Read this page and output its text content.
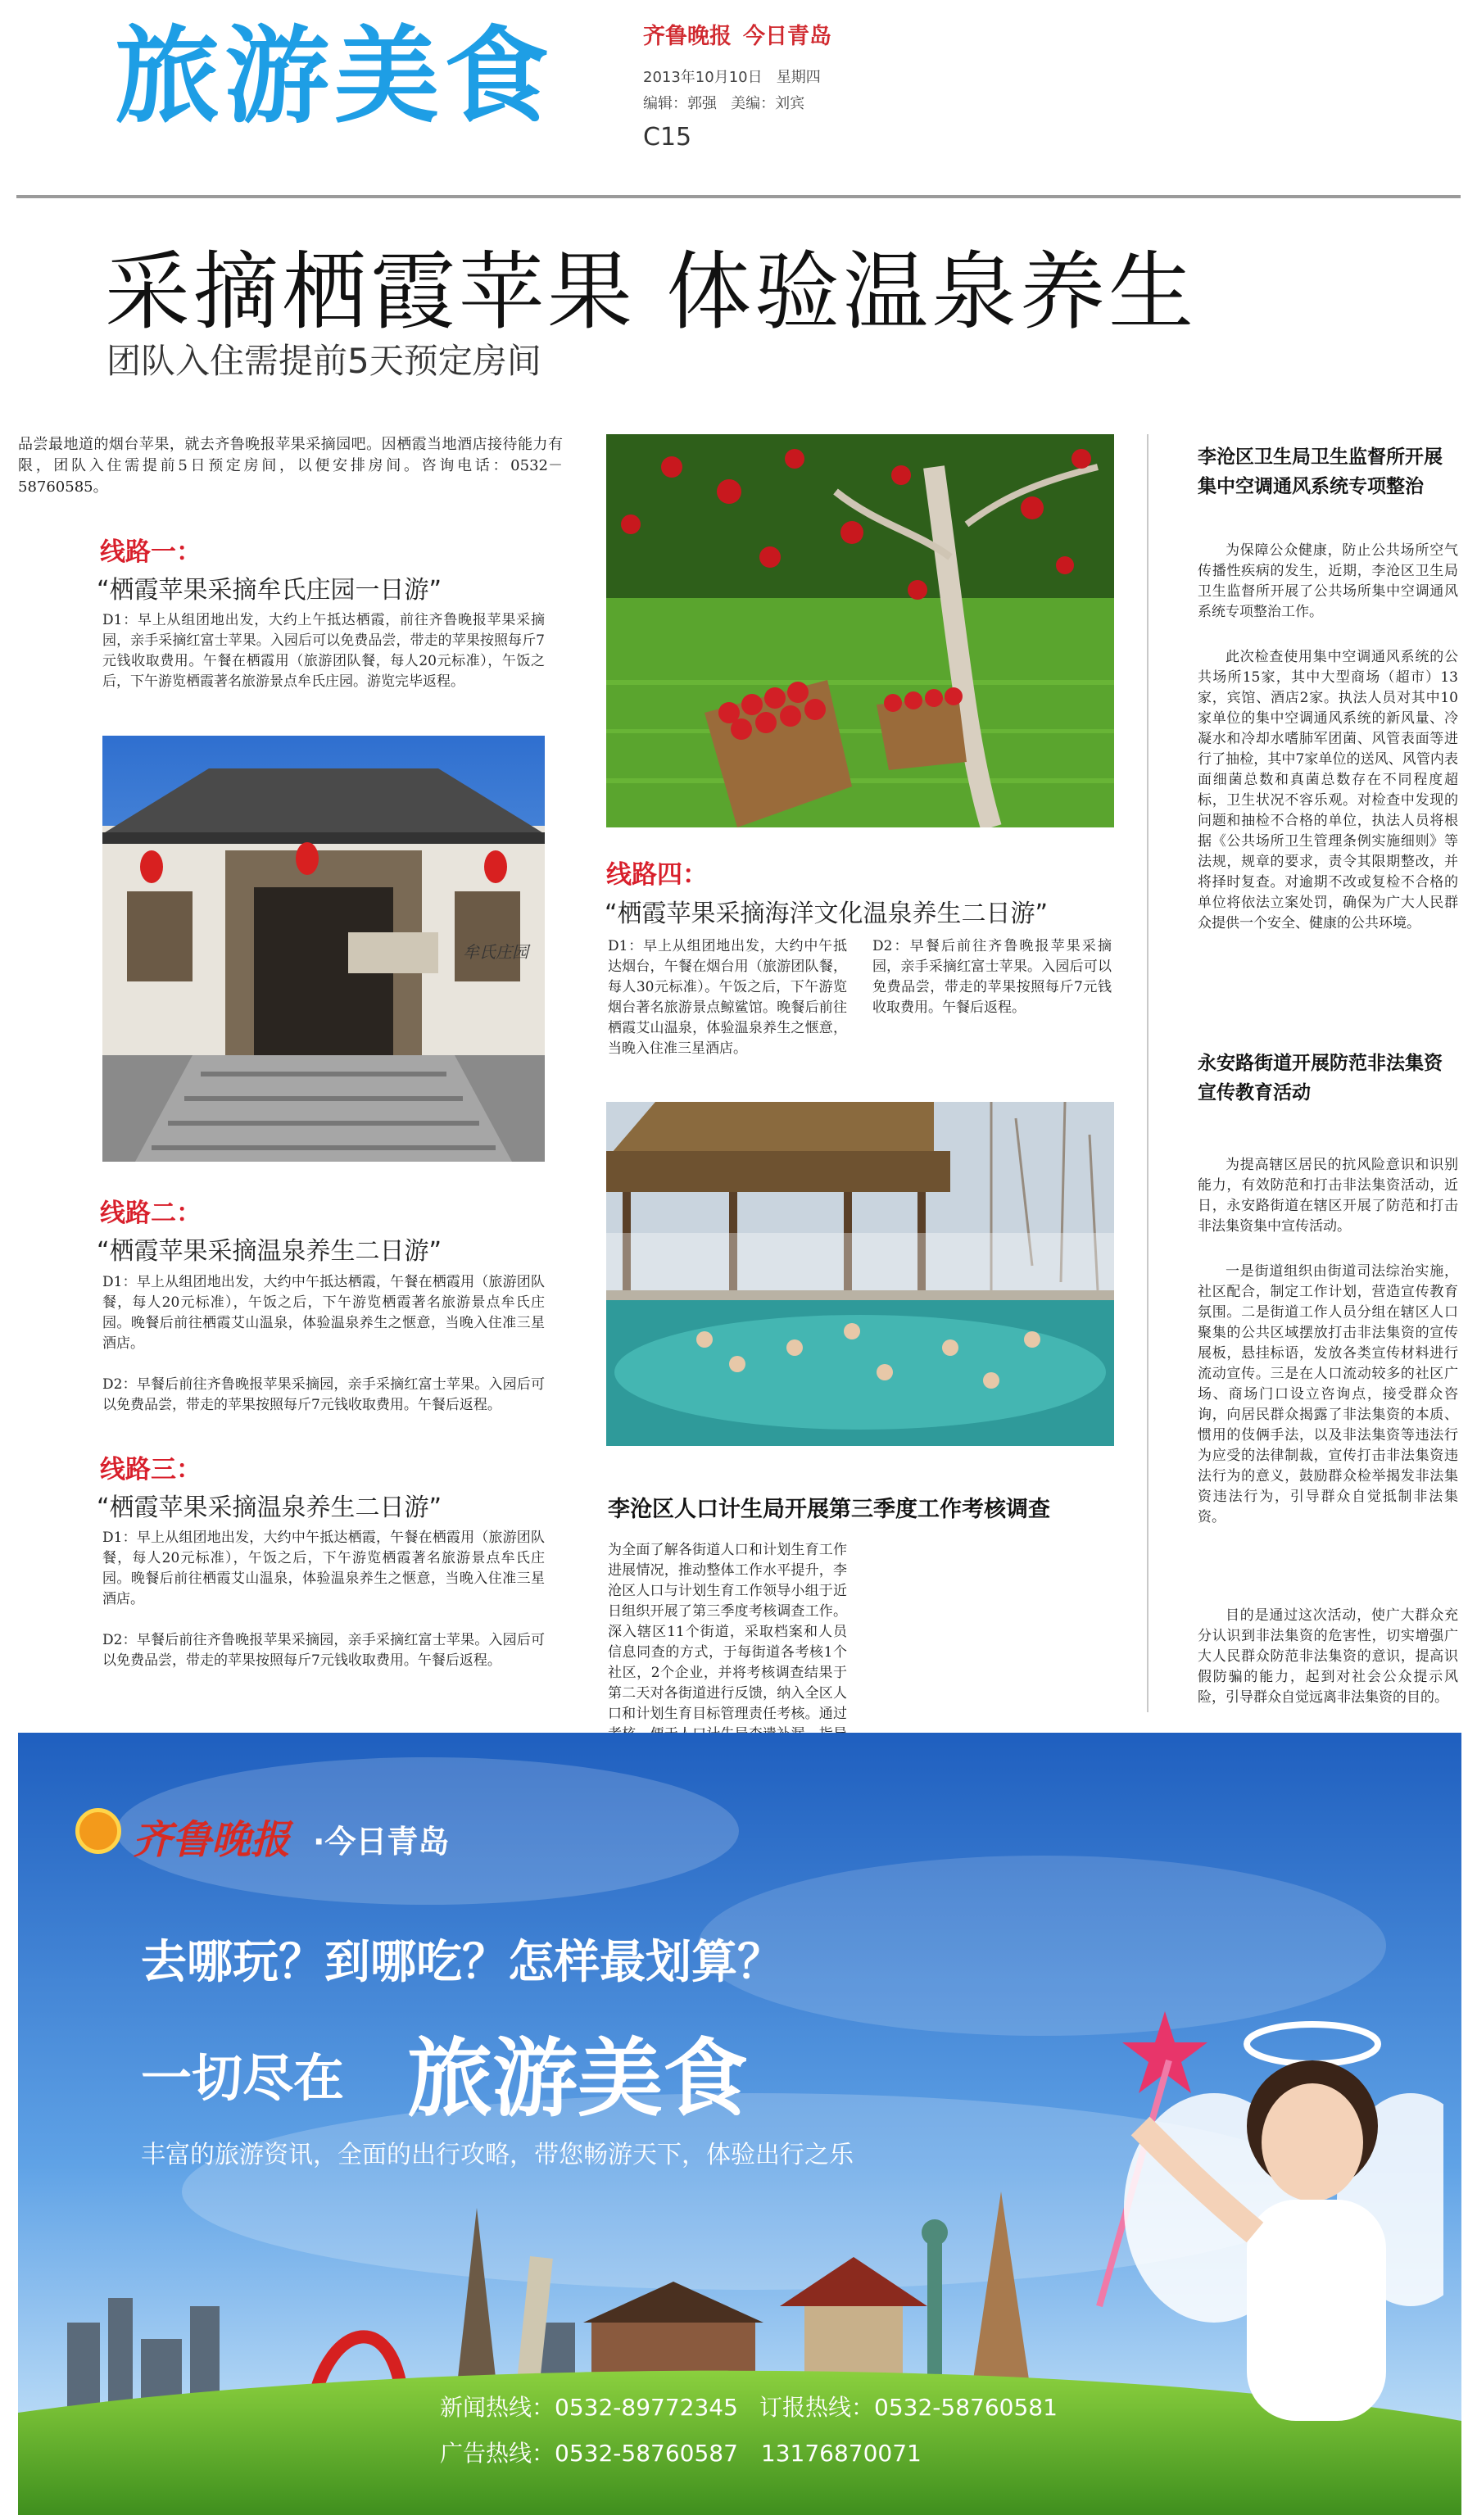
旅游美食	齐鲁晚报 今日青岛
2013年10月10日 星期四
编辑：郭强 美编：刘宾
C15
采摘栖霞苹果 体验温泉养生
团队入住需提前5天预定房间
品尝最地道的烟台苹果，就去齐鲁晚报苹果采摘园吧。因栖霞当地酒店接待能力有限，团队入住需提前5日预定房间，以便安排房间。咨询电话：0532－58760585。
线路一：
“栖霞苹果采摘牟氏庄园一日游”
D1：早上从组团地出发，大约上午抵达栖霞，前往齐鲁晚报苹果采摘园，亲手采摘红富士苹果。入园后可以免费品尝，带走的苹果按照每斤7元钱收取费用。午餐在栖霞用（旅游团队餐，每人20元标准），午饭之后，下午游览栖霞著名旅游景点牟氏庄园。游览完毕返程。
牟氏庄园
线路二：
“栖霞苹果采摘温泉养生二日游”
D1：早上从组团地出发，大约中午抵达栖霞，午餐在栖霞用（旅游团队餐，每人20元标准），午饭之后，下午游览栖霞著名旅游景点牟氏庄园。晚餐后前往栖霞艾山温泉，体验温泉养生之惬意，当晚入住准三星酒店。
D2：早餐后前往齐鲁晚报苹果采摘园，亲手采摘红富士苹果。入园后可以免费品尝，带走的苹果按照每斤7元钱收取费用。午餐后返程。
线路三：
“栖霞苹果采摘温泉养生二日游”
D1：早上从组团地出发，大约中午抵达栖霞，午餐在栖霞用（旅游团队餐，每人20元标准），午饭之后，下午游览栖霞著名旅游景点牟氏庄园。晚餐后前往栖霞艾山温泉，体验温泉养生之惬意，当晚入住准三星酒店。
D2：早餐后前往齐鲁晚报苹果采摘园，亲手采摘红富士苹果。入园后可以免费品尝，带走的苹果按照每斤7元钱收取费用。午餐后返程。
线路四：
“栖霞苹果采摘海洋文化温泉养生二日游”
D1：早上从组团地出发，大约中午抵达烟台，午餐在烟台用（旅游团队餐，每人30元标准）。午饭之后，下午游览烟台著名旅游景点鲸鲨馆。晚餐后前往栖霞艾山温泉，体验温泉养生之惬意，当晚入住准三星酒店。
D2：早餐后前往齐鲁晚报苹果采摘园，亲手采摘红富士苹果。入园后可以免费品尝，带走的苹果按照每斤7元钱收取费用。午餐后返程。
李沧区人口计生局开展第三季度工作考核调查
为全面了解各街道人口和计划生育工作进展情况，推动整体工作水平提升，李沧区人口与计划生育工作领导小组于近日组织开展了第三季度考核调查工作。深入辖区11个街道，采取档案和人员信息同查的方式，于每街道各考核1个社区，2个企业，并将考核调查结果于第二天对各街道进行反馈，纳入全区人口和计划生育目标管理责任考核。通过
李沧区卫生局卫生监督所开展集中空调通风系统专项整治
为保障公众健康，防止公共场所空气传播性疾病的发生，近期，李沧区卫生局卫生监督所开展了公共场所集中空调通风系统专项整治工作。
此次检查使用集中空调通风系统的公共场所15家，其中大型商场（超市）13家，宾馆、酒店2家。执法人员对其中10家单位的集中空调通风系统的新风量、冷凝水和冷却水嗜肺军团菌、风管表面等进行了抽检，其中7家单位的送风、风管内表面细菌总数和真菌总数存在不同程度超标，卫生状况不容乐观。对检查中发现的问题和抽检不合格的单位，执法人员将根据《公共场所卫生管理条例实施细则》等法规，规章的要求，责令其限期整改，并将择时复查。对逾期不改或复检不合格的单位将依法立案处罚，确保为广大人民群众提供一个安全、健康的公共环境。
永安路街道开展防范非法集资宣传教育活动
为提高辖区居民的抗风险意识和识别能力，有效防范和打击非法集资活动，近日，永安路街道在辖区开展了防范和打击非法集资集中宣传活动。
一是街道组织由街道司法综治实施，社区配合，制定工作计划，营造宣传教育氛围。二是街道工作人员分组在辖区人口聚集的公共区域摆放打击非法集资的宣传展板，悬挂标语，发放各类宣传材料进行流动宣传。三是在人口流动较多的社区广场、商场门口设立咨询点，接受群众咨询，向居民群众揭露了非法集资的本质、惯用的伎俩手法，以及非法集资等违法行为应受的法律制裁，宣传打击非法集资违法行为的意义，鼓励群众检举揭发非法集资违法行为，引导群众自觉抵制非法集资。
目的是通过这次活动，使广大群众充分认识到非法集资的危害性，切实增强广大人民群众防范非法集资的意识，提高识假防骗的能力，起到对社会公众提示风险，引导群众自觉远离非法集资的目的。
齐鲁晚报 ·今日青岛
去哪玩？到哪吃？怎样最划算？
一切尽在 旅游美食
丰富的旅游资讯，全面的出行攻略，带您畅游天下，体验出行之乐
新闻热线：0532-89772345 订报热线：0532-58760581
广告热线：0532-58760587 13176870071
